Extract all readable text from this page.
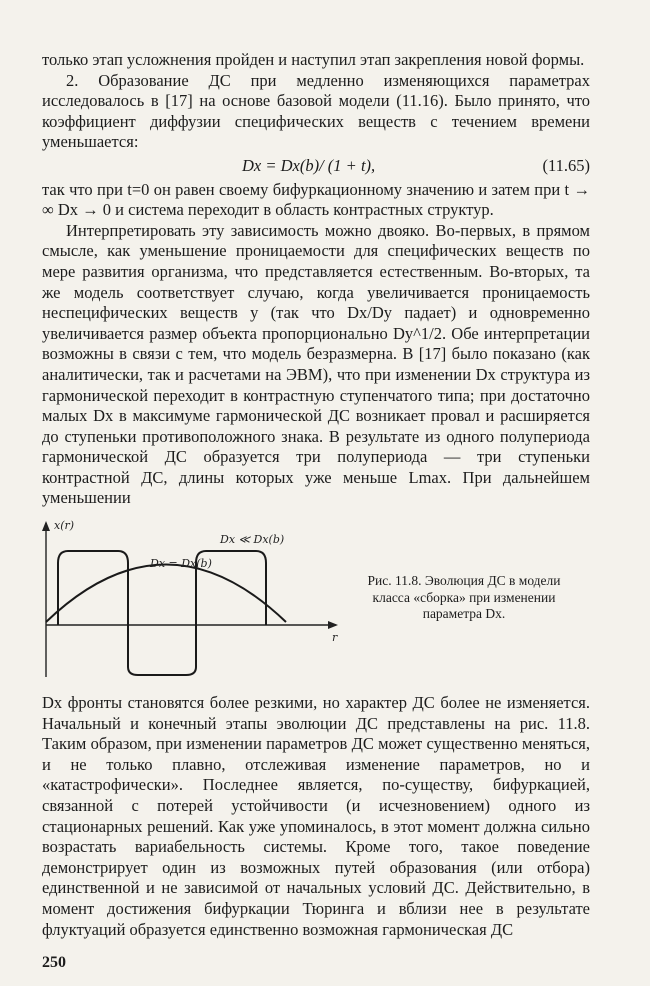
только этап усложнения пройден и наступил этап закрепления новой формы.

2. Образование ДС при медленно изменяющихся параметрах исследовалось в [17] на основе базовой модели (11.16). Было принято, что коэффициент диффузии специфических веществ с течением времени уменьшается:

Dx = Dx(b)/ (1 + t),	(11.65)

так что при t=0 он равен своему бифуркационному значению и затем при t → ∞ Dx → 0 и система переходит в область контрастных структур.

Интерпретировать эту зависимость можно двояко. Во-первых, в прямом смысле, как уменьшение проницаемости для специфических веществ по мере развития организма, что представляется естественным. Во-вторых, та же модель соответствует случаю, когда увеличивается проницаемость неспецифических веществ y (так что Dx/Dy падает) и одновременно увеличивается размер объекта пропорционально Dy^1/2. Обе интерпретации возможны в связи с тем, что модель безразмерна. В [17] было показано (как аналитически, так и расчетами на ЭВМ), что при изменении Dx структура из гармонической переходит в контрастную ступенчатого типа; при достаточно малых Dx в максимуме гармонической ДС возникает провал и расширяется до ступеньки противоположного знака. В результате из одного полупериода гармонической ДС образуется три полупериода — три ступеньки контрастной ДС, длины которых уже меньше Lmax. При дальнейшем уменьшении

x(r)
r
Dx = Dx(b)
Dx ≪ Dx(b)
Рис. 11.8. Эволюция ДС в модели класса «сборка» при изменении параметра Dx.

Dx фронты становятся более резкими, но характер ДС более не изменяется. Начальный и конечный этапы эволюции ДС представлены на рис. 11.8. Таким образом, при изменении параметров ДС может существенно меняться, и не только плавно, отслеживая изменение параметров, но и «катастрофически». Последнее является, по-существу, бифуркацией, связанной с потерей устойчивости (и исчезновением) одного из стационарных решений. Как уже упоминалось, в этот момент должна сильно возрастать вариабельность системы. Кроме того, такое поведение демонстрирует один из возможных путей образования (или отбора) единственной и не зависимой от начальных условий ДС. Действительно, в момент достижения бифуркации Тюринга и вблизи нее в результате флуктуаций образуется единственно возможная гармоническая ДС

250
